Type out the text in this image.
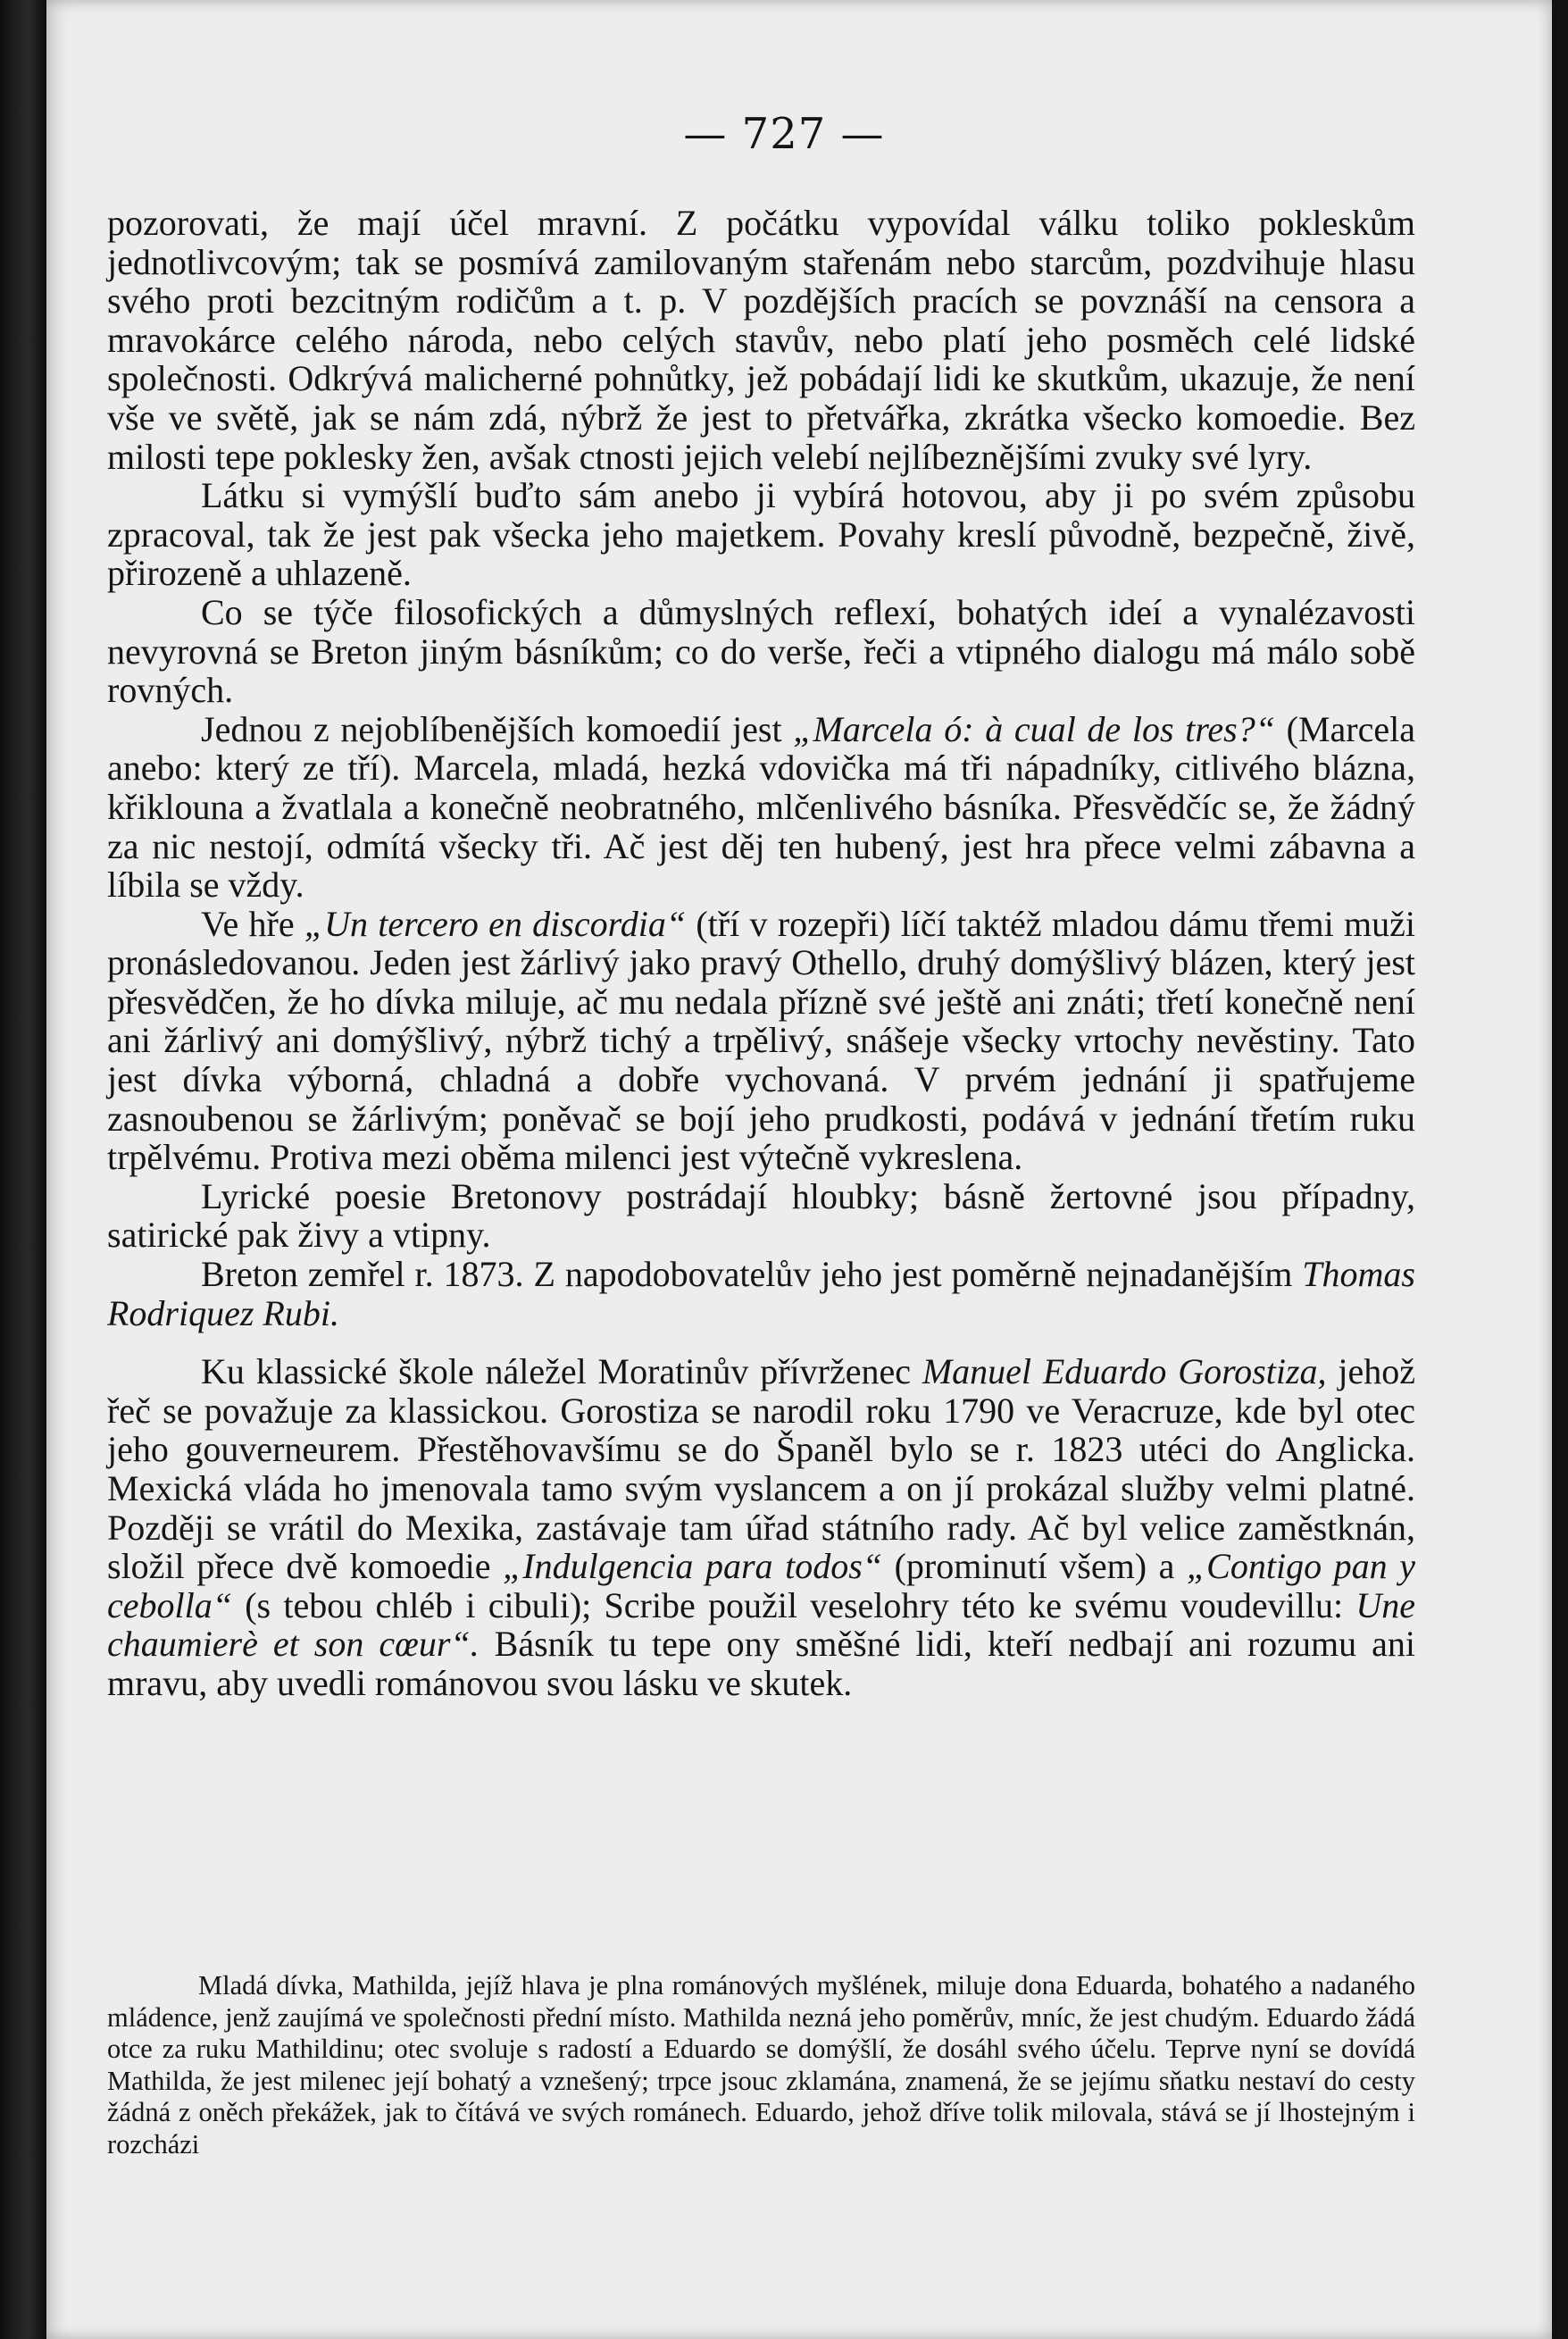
— 727 —

pozorovati, že mají účel mravní. Z počátku vypovídal válku toliko pokleskům jednotlivcovým; tak se posmívá zamilovaným stařenám nebo starcům, pozdvihuje hlasu svého proti bezcitným rodičům a t. p. V pozdějších pracích se povznáší na censora a mravokárce celého národa, nebo celých stavův, nebo platí jeho posměch celé lidské společnosti. Odkrývá malicherné pohnůtky, jež pobádají lidi ke skutkům, ukazuje, že není vše ve světě, jak se nám zdá, nýbrž že jest to přetvářka, zkrátka všecko komoedie. Bez milosti tepe poklesky žen, avšak ctnosti jejich velebí nejlíbeznějšími zvuky své lyry.

Látku si vymýšlí buďto sám anebo ji vybírá hotovou, aby ji po svém způsobu zpracoval, tak že jest pak všecka jeho majetkem. Povahy kreslí původně, bezpečně, živě, přirozeně a uhlazeně.

Co se týče filosofických a důmyslných reflexí, bohatých ideí a vynalézavosti nevyrovná se Breton jiným básníkům; co do verše, řeči a vtipného dialogu má málo sobě rovných.

Jednou z nejoblíbenějších komoedií jest „Marcela ó: à cual de los tres?“ (Marcela anebo: který ze tří). Marcela, mladá, hezká vdovička má tři nápadníky, citlivého blázna, křiklouna a žvatlala a konečně neobratného, mlčenlivého básníka. Přesvědčíc se, že žádný za nic nestojí, odmítá všecky tři. Ač jest děj ten hubený, jest hra přece velmi zábavna a líbila se vždy.

Ve hře „Un tercero en discordia“ (tří v rozepři) líčí taktéž mladou dámu třemi muži pronásledovanou. Jeden jest žárlivý jako pravý Othello, druhý domýšlivý blázen, který jest přesvědčen, že ho dívka miluje, ač mu nedala přízně své ještě ani znáti; třetí konečně není ani žárlivý ani domýšlivý, nýbrž tichý a trpělivý, snášeje všecky vrtochy nevěstiny. Tato jest dívka výborná, chladná a dobře vychovaná. V prvém jednání ji spatřujeme zasnoubenou se žárlivým; poněvač se bojí jeho prudkosti, podává v jednání třetím ruku trpělvému. Protiva mezi oběma milenci jest výtečně vykreslena.

Lyrické poesie Bretonovy postrádají hloubky; básně žertovné jsou případny, satirické pak živy a vtipny.

Breton zemřel r. 1873. Z napodobovatelův jeho jest poměrně nejnadanějším Thomas Rodriquez Rubi.

Ku klassické škole náležel Moratinův přívrženec Manuel Eduardo Gorostiza, jehož řeč se považuje za klassickou. Gorostiza se narodil roku 1790 ve Veracruze, kde byl otec jeho gouverneurem. Přestěhovavšímu se do Španěl bylo se r. 1823 utéci do Anglicka. Mexická vláda ho jmenovala tamo svým vyslancem a on jí prokázal služby velmi platné. Později se vrátil do Mexika, zastávaje tam úřad státního rady. Ač byl velice zaměstknán, složil přece dvě komoedie „Indulgencia para todos“ (prominutí všem) a „Contigo pan y cebolla“ (s tebou chléb i cibuli); Scribe použil veselohry této ke svému voudevillu: Une chaumierè et son cœur“. Básník tu tepe ony směšné lidi, kteří nedbají ani rozumu ani mravu, aby uvedli románovou svou lásku ve skutek.

Mladá dívka, Mathilda, jejíž hlava je plna románových myšlének, miluje dona Eduarda, bohatého a nadaného mládence, jenž zaujímá ve společnosti přední místo. Mathilda nezná jeho poměrův, mníc, že jest chudým. Eduardo žádá otce za ruku Mathildinu; otec svoluje s radostí a Eduardo se domýšlí, že dosáhl svého účelu. Teprve nyní se dovídá Mathilda, že jest milenec její bohatý a vznešený; trpce jsouc zklamána, znamená, že se jejímu sňatku nestaví do cesty žádná z oněch překážek, jak to čítává ve svých románech. Eduardo, jehož dříve tolik milovala, stává se jí lhostejným i rozcházi
